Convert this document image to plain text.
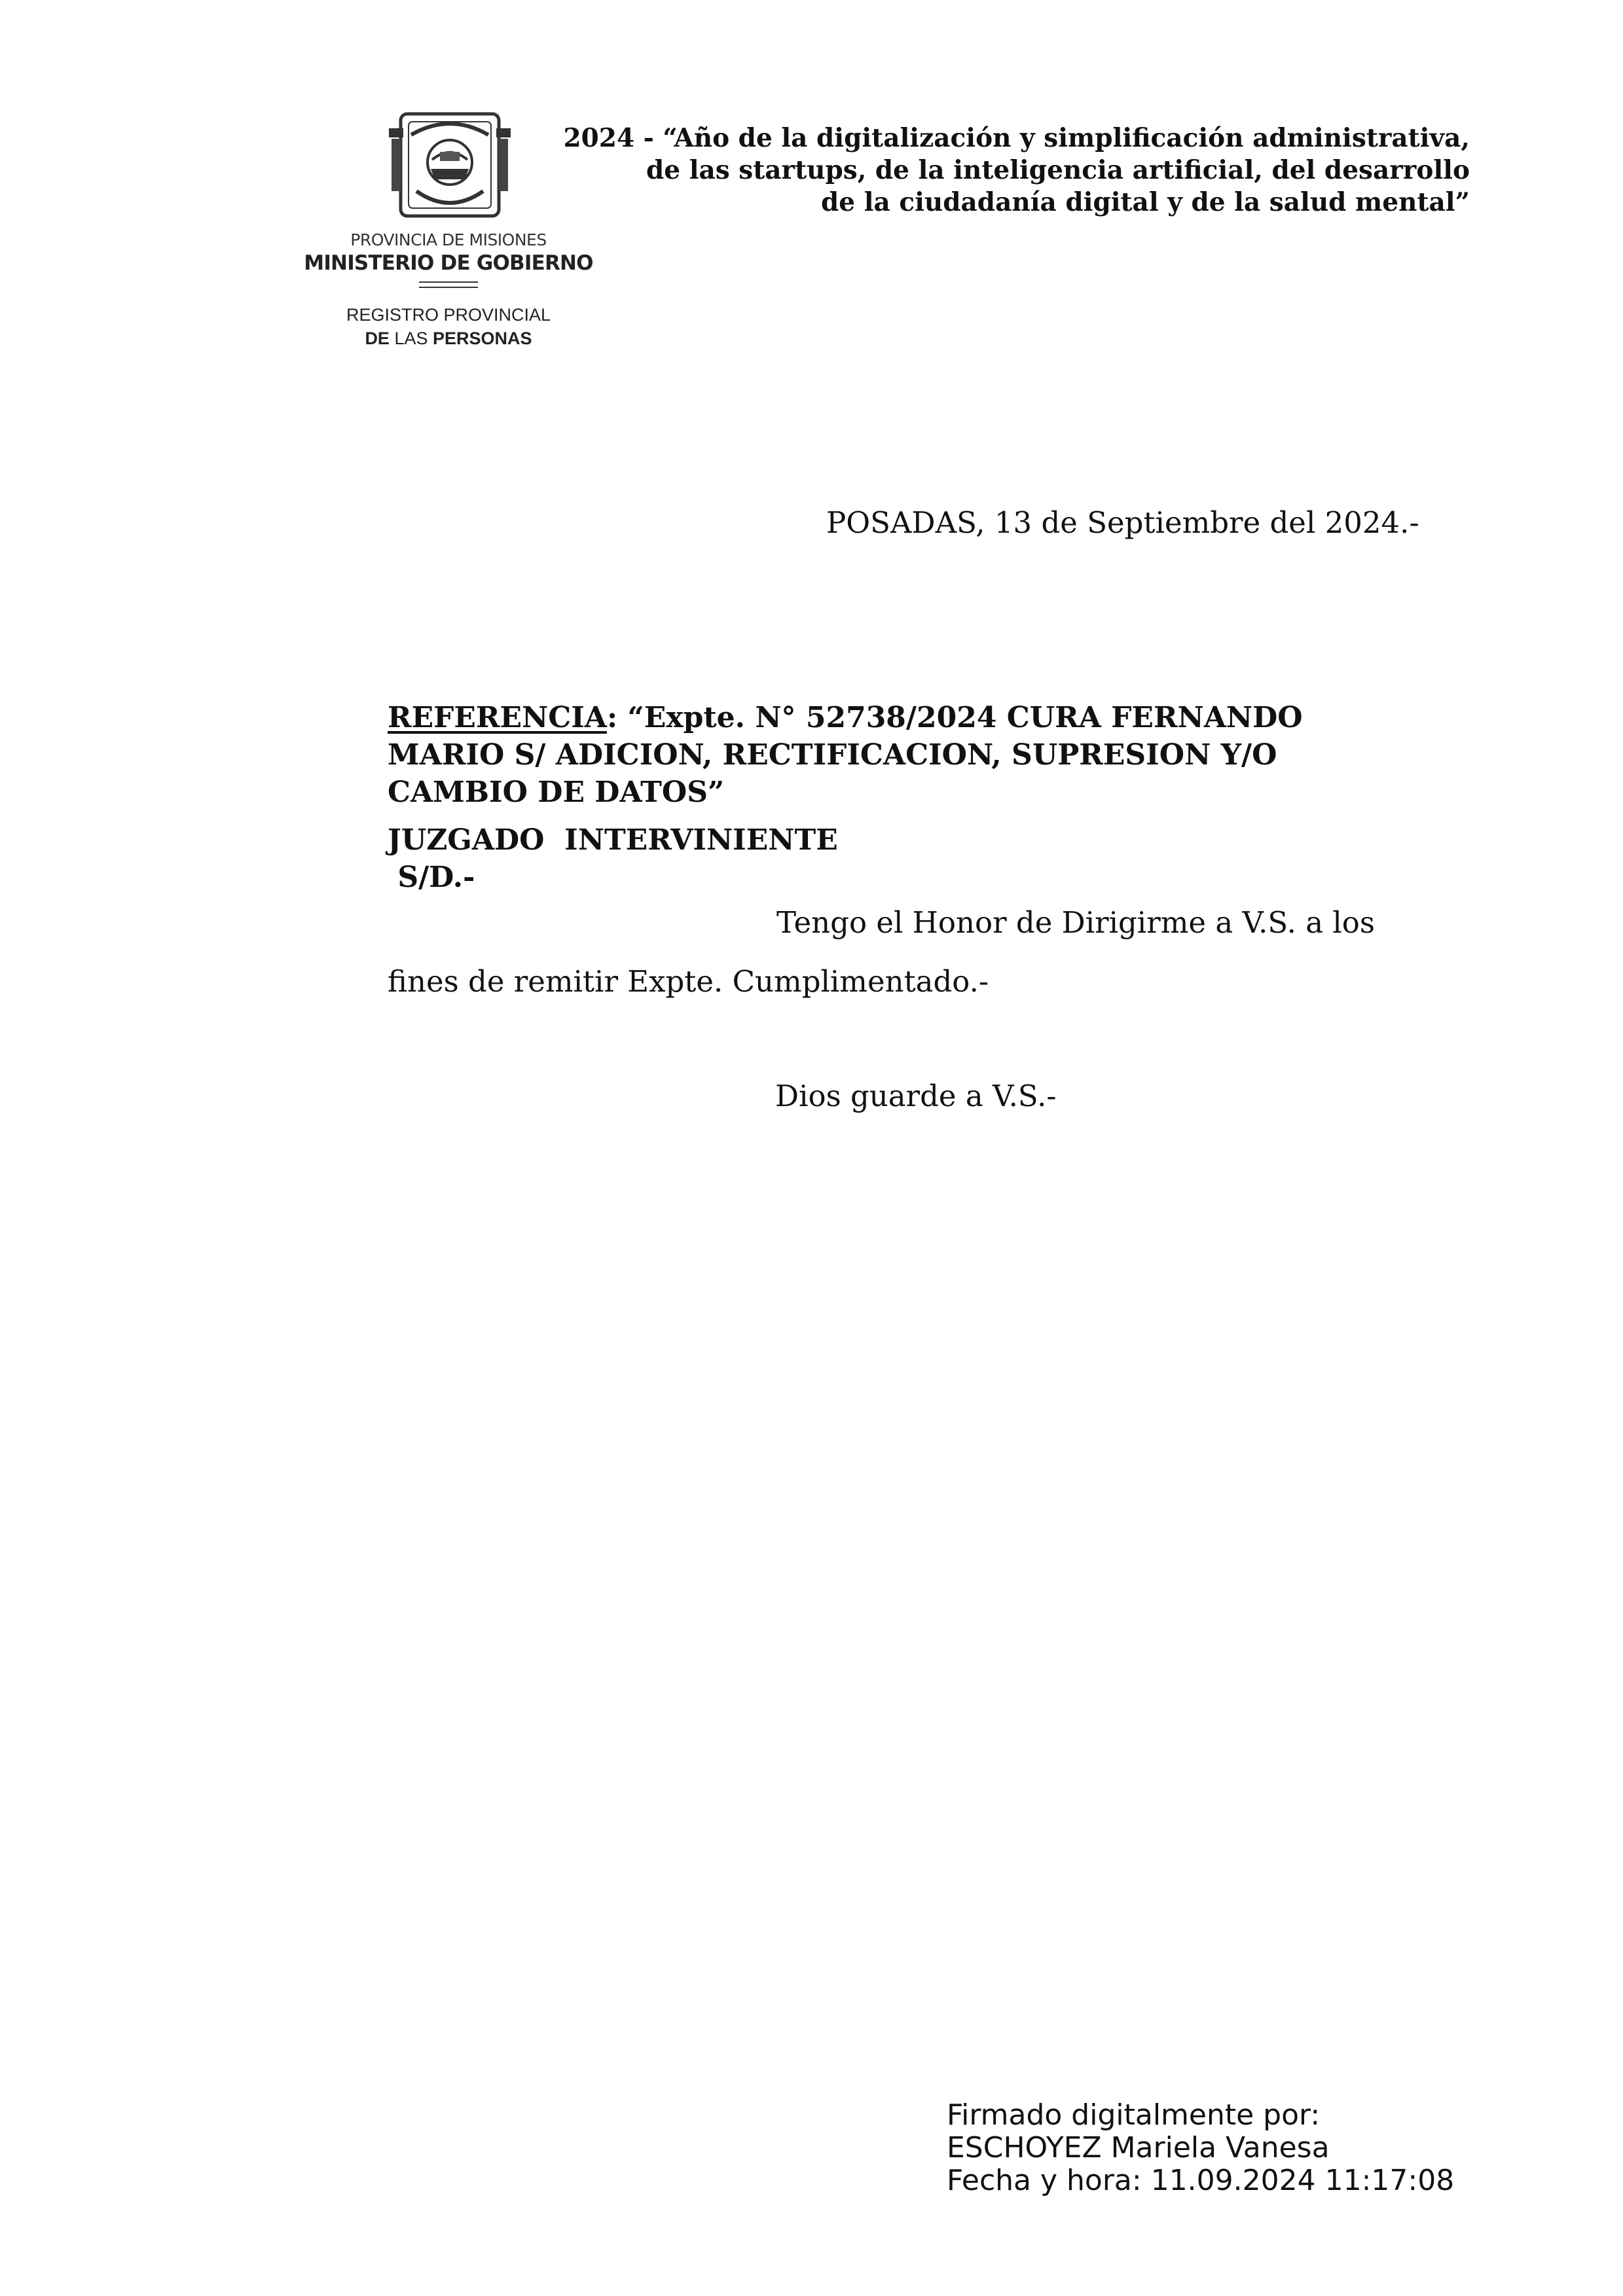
PROVINCIA DE MISIONES
MINISTERIO DE GOBIERNO
REGISTRO PROVINCIAL
DE LAS PERSONAS
2024 - “Año de la digitalización y simplificación administrativa,
de las startups, de la inteligencia artificial, del desarrollo
de la ciudadanía digital y de la salud mental”
POSADAS, 13 de Septiembre del 2024.-
REFERENCIA: “Expte. N° 52738/2024 CURA FERNANDO
MARIO S/ ADICION, RECTIFICACION, SUPRESION Y/O
CAMBIO DE DATOS”
JUZGADO  INTERVINIENTE
S/D.-
Tengo el Honor de Dirigirme a V.S. a los
fines de remitir Expte. Cumplimentado.-
Dios guarde a V.S.-
Firmado digitalmente por:
ESCHOYEZ Mariela Vanesa
Fecha y hora: 11.09.2024 11:17:08
